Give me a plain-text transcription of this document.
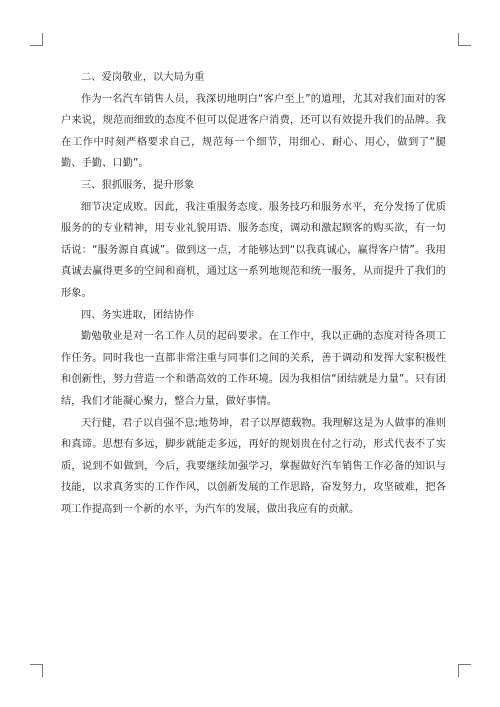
二、爱岗敬业，以大局为重

作为一名汽车销售人员，我深切地明白“客户至上”的道理，尤其对我们面对的客户来说，规范而细致的态度不但可以促进客户消费，还可以有效提升我们的品牌。我在工作中时刻严格要求自己，规范每一个细节，用细心、耐心、用心，做到了“腿勤、手勤、口勤”。

三、狠抓服务，提升形象

细节决定成败。因此，我注重服务态度、服务技巧和服务水平，充分发扬了优质服务的的专业精神，用专业礼貌用语、服务态度，调动和激起顾客的购买欲，有一句话说：“服务源自真诚”。做到这一点，才能够达到“以我真诚心，赢得客户情”。我用真诚去赢得更多的空间和商机，通过这一系列地规范和统一服务，从而提升了我们的形象。

四、务实进取，团结协作

勤勉敬业是对一名工作人员的起码要求。在工作中，我以正确的态度对待各项工作任务。同时我也一直都非常注重与同事们之间的关系，善于调动和发挥大家积极性和创新性，努力营造一个和谐高效的工作环境。因为我相信“团结就是力量”。只有团结，我们才能凝心聚力，整合力量，做好事情。

天行健，君子以自强不息;地势坤，君子以厚德载物。我理解这是为人做事的准则和真谛。思想有多远，脚步就能走多远，再好的规划贵在付之行动，形式代表不了实质，说到不如做到，今后，我要继续加强学习，掌握做好汽车销售工作必备的知识与技能，以求真务实的工作作风，以创新发展的工作思路，奋发努力，攻坚破难，把各项工作提高到一个新的水平，为汽车的发展，做出我应有的贡献。
